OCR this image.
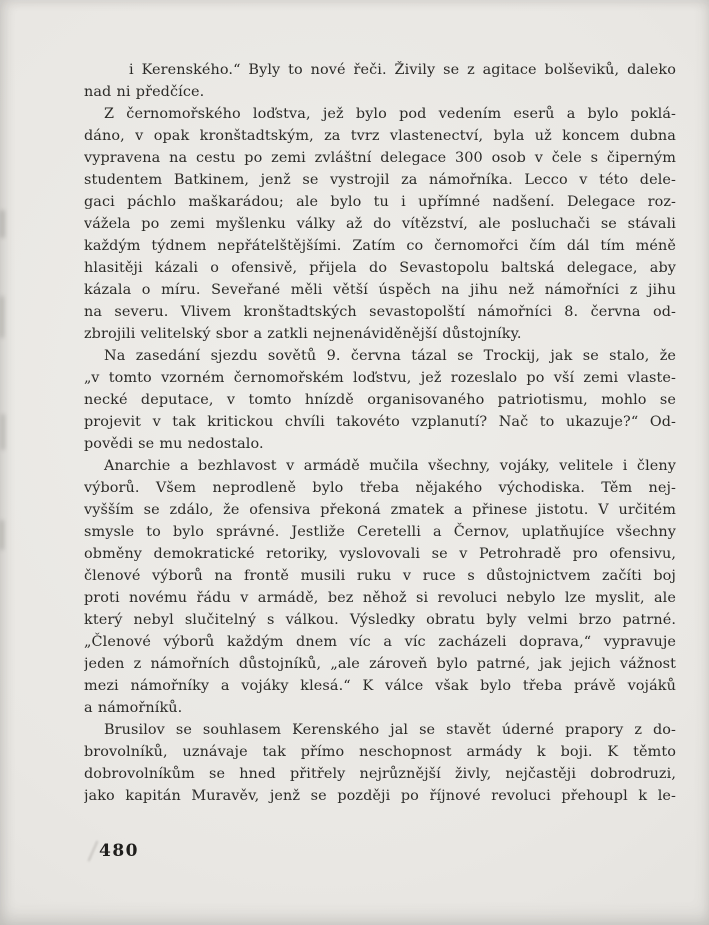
i Kerenského.“ Byly to nové řeči. Živily se z agitace bolševiků, daleko
nad ni předčíce.
Z černomořského loďstva, jež bylo pod vedením eserů a bylo poklá-
dáno, v opak kronštadtským, za tvrz vlastenectví, byla už koncem dubna
vypravena na cestu po zemi zvláštní delegace 300 osob v čele s čiperným
studentem Batkinem, jenž se vystrojil za námořníka. Lecco v této dele-
gaci páchlo maškarádou; ale bylo tu i upřímné nadšení. Delegace roz-
vážela po zemi myšlenku války až do vítězství, ale posluchači se stávali
každým týdnem nepřátelštějšími. Zatím co černomořci čím dál tím méně
hlasitěji kázali o ofensivě, přijela do Sevastopolu baltská delegace, aby
kázala o míru. Seveřané měli větší úspěch na jihu než námořníci z jihu
na severu. Vlivem kronštadtských sevastopolští námořníci 8. června od-
zbrojili velitelský sbor a zatkli nejnenáviděnější důstojníky.
Na zasedání sjezdu sovětů 9. června tázal se Trockij, jak se stalo, že
„v tomto vzorném černomořském loďstvu, jež rozeslalo po vší zemi vlaste-
necké deputace, v tomto hnízdě organisovaného patriotismu, mohlo se
projevit v tak kritickou chvíli takovéto vzplanutí? Nač to ukazuje?“ Od-
povědi se mu nedostalo.
Anarchie a bezhlavost v armádě mučila všechny, vojáky, velitele i členy
výborů. Všem neprodleně bylo třeba nějakého východiska. Těm nej-
vyšším se zdálo, že ofensiva překoná zmatek a přinese jistotu. V určitém
smysle to bylo správné. Jestliže Ceretelli a Černov, uplatňujíce všechny
obměny demokratické retoriky, vyslovovali se v Petrohradě pro ofensivu,
členové výborů na frontě musili ruku v ruce s důstojnictvem začíti boj
proti novému řádu v armádě, bez něhož si revoluci nebylo lze myslit, ale
který nebyl slučitelný s válkou. Výsledky obratu byly velmi brzo patrné.
„Členové výborů každým dnem víc a víc zacházeli doprava,“ vypravuje
jeden z námořních důstojníků, „ale zároveň bylo patrné, jak jejich vážnost
mezi námořníky a vojáky klesá.“ K válce však bylo třeba právě vojáků
a námořníků.
Brusilov se souhlasem Kerenského jal se stavět úderné prapory z do-
brovolníků, uznávaje tak přímo neschopnost armády k boji. K těmto
dobrovolníkům se hned přitřely nejrůznější živly, nejčastěji dobrodruzi,
jako kapitán Muravěv, jenž se později po říjnové revoluci přehoupl k le-
480
